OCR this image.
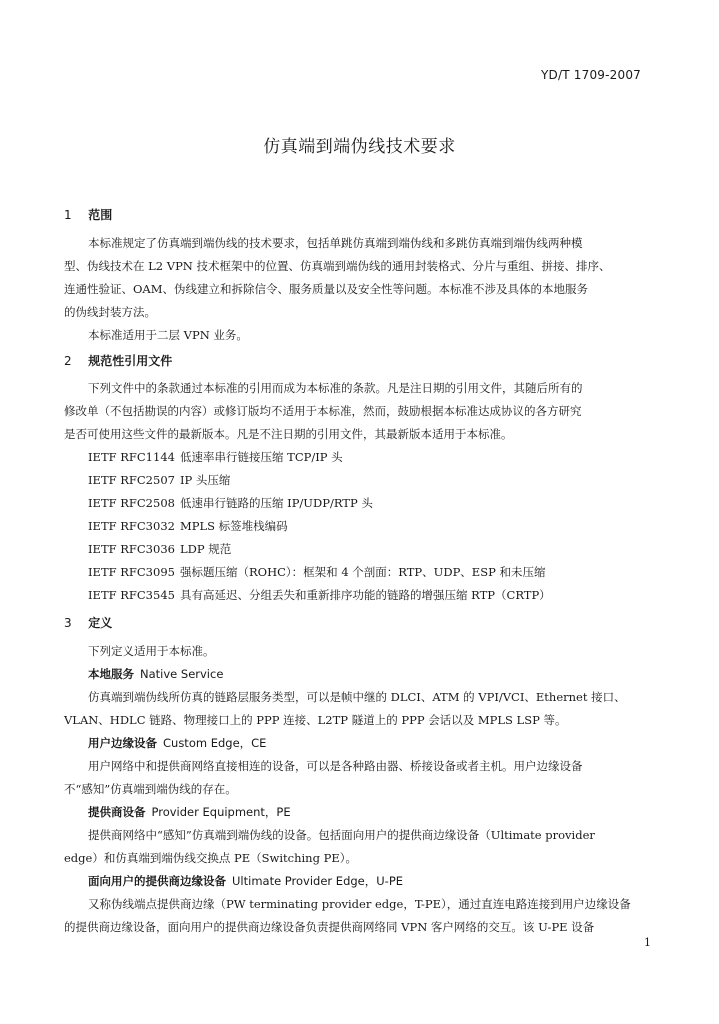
YD/T 1709-2007
仿真端到端伪线技术要求
1 范围
本标准规定了仿真端到端伪线的技术要求，包括单跳仿真端到端伪线和多跳仿真端到端伪线两种模
型、伪线技术在 L2 VPN 技术框架中的位置、仿真端到端伪线的通用封装格式、分片与重组、拼接、排序、
连通性验证、OAM、伪线建立和拆除信令、服务质量以及安全性等问题。本标准不涉及具体的本地服务
的伪线封装方法。
本标准适用于二层 VPN 业务。
2 规范性引用文件
下列文件中的条款通过本标准的引用而成为本标准的条款。凡是注日期的引用文件，其随后所有的
修改单（不包括勘误的内容）或修订版均不适用于本标准，然而，鼓励根据本标准达成协议的各方研究
是否可使用这些文件的最新版本。凡是不注日期的引用文件，其最新版本适用于本标准。
IETF RFC1144 低速率串行链接压缩 TCP/IP 头
IETF RFC2507 IP 头压缩
IETF RFC2508 低速串行链路的压缩 IP/UDP/RTP 头
IETF RFC3032 MPLS 标签堆栈编码
IETF RFC3036 LDP 规范
IETF RFC3095 强标题压缩（ROHC）：框架和 4 个剖面：RTP、UDP、ESP 和未压缩
IETF RFC3545 具有高延迟、分组丢失和重新排序功能的链路的增强压缩 RTP（CRTP）
3 定义
下列定义适用于本标准。
本地服务 Native Service
仿真端到端伪线所仿真的链路层服务类型，可以是帧中继的 DLCI、ATM 的 VPI/VCI、Ethernet 接口、
VLAN、HDLC 链路、物理接口上的 PPP 连接、L2TP 隧道上的 PPP 会话以及 MPLS LSP 等。
用户边缘设备 Custom Edge，CE
用户网络中和提供商网络直接相连的设备，可以是各种路由器、桥接设备或者主机。用户边缘设备
不“感知”仿真端到端伪线的存在。
提供商设备 Provider Equipment，PE
提供商网络中“感知”仿真端到端伪线的设备。包括面向用户的提供商边缘设备（Ultimate provider
edge）和仿真端到端伪线交换点 PE（Switching PE）。
面向用户的提供商边缘设备 Ultimate Provider Edge，U-PE
又称伪线端点提供商边缘（PW terminating provider edge，T-PE），通过直连电路连接到用户边缘设备
的提供商边缘设备，面向用户的提供商边缘设备负责提供商网络同 VPN 客户网络的交互。该 U-PE 设备
1
